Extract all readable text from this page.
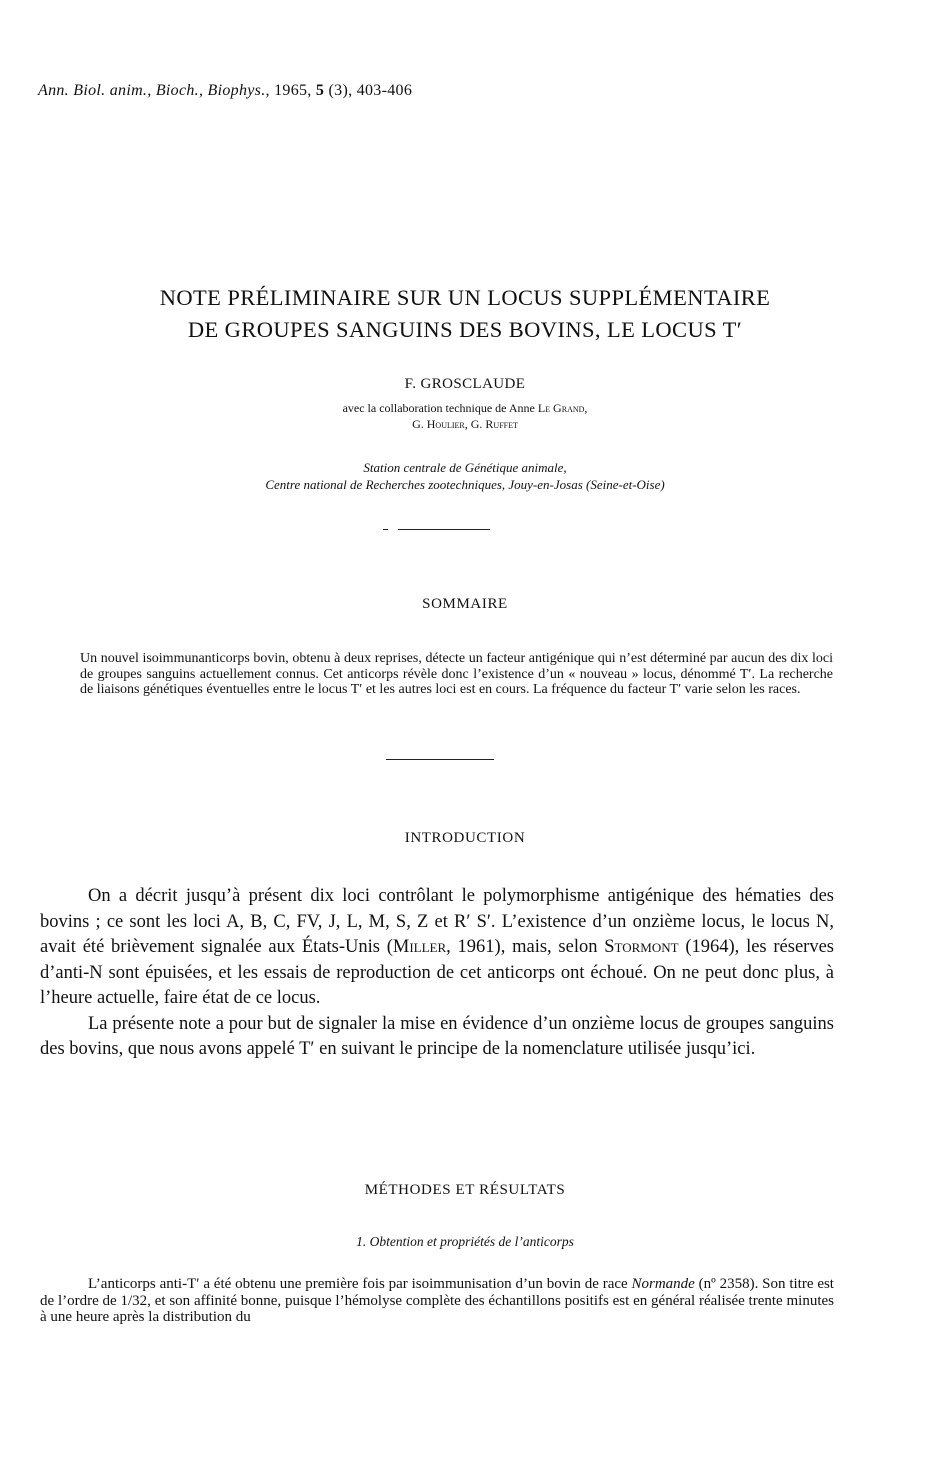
Ann. Biol. anim., Bioch., Biophys., 1965, 5 (3), 403-406
NOTE PRÉLIMINAIRE SUR UN LOCUS SUPPLÉMENTAIRE
DE GROUPES SANGUINS DES BOVINS, LE LOCUS T′
F. GROSCLAUDE
avec la collaboration technique de Anne Le Grand,
G. Houlier, G. Ruffet
Station centrale de Génétique animale,
Centre national de Recherches zootechniques, Jouy-en-Josas (Seine-et-Oise)
SOMMAIRE
Un nouvel isoimmunanticorps bovin, obtenu à deux reprises, détecte un facteur antigénique qui n’est déterminé par aucun des dix loci de groupes sanguins actuellement connus. Cet anticorps révèle donc l’existence d’un « nouveau » locus, dénommé T′. La recherche de liaisons génétiques éventuelles entre le locus T′ et les autres loci est en cours. La fréquence du facteur T′ varie selon les races.
INTRODUCTION

On a décrit jusqu’à présent dix loci contrôlant le polymorphisme antigénique des hématies des bovins ; ce sont les loci A, B, C, FV, J, L, M, S, Z et R′ S′. L’existence d’un onzième locus, le locus N, avait été brièvement signalée aux États-Unis (Miller, 1961), mais, selon Stormont (1964), les réserves d’anti-N sont épuisées, et les essais de reproduction de cet anticorps ont échoué. On ne peut donc plus, à l’heure actuelle, faire état de ce locus.

La présente note a pour but de signaler la mise en évidence d’un onzième locus de groupes sanguins des bovins, que nous avons appelé T′ en suivant le principe de la nomenclature utilisée jusqu’ici.

MÉTHODES ET RÉSULTATS
1. Obtention et propriétés de l’anticorps

L’anticorps anti-T′ a été obtenu une première fois par isoimmunisation d’un bovin de race Normande (nº 2358). Son titre est de l’ordre de 1/32, et son affinité bonne, puisque l’hémolyse complète des échantillons positifs est en général réalisée trente minutes à une heure après la distribution du
